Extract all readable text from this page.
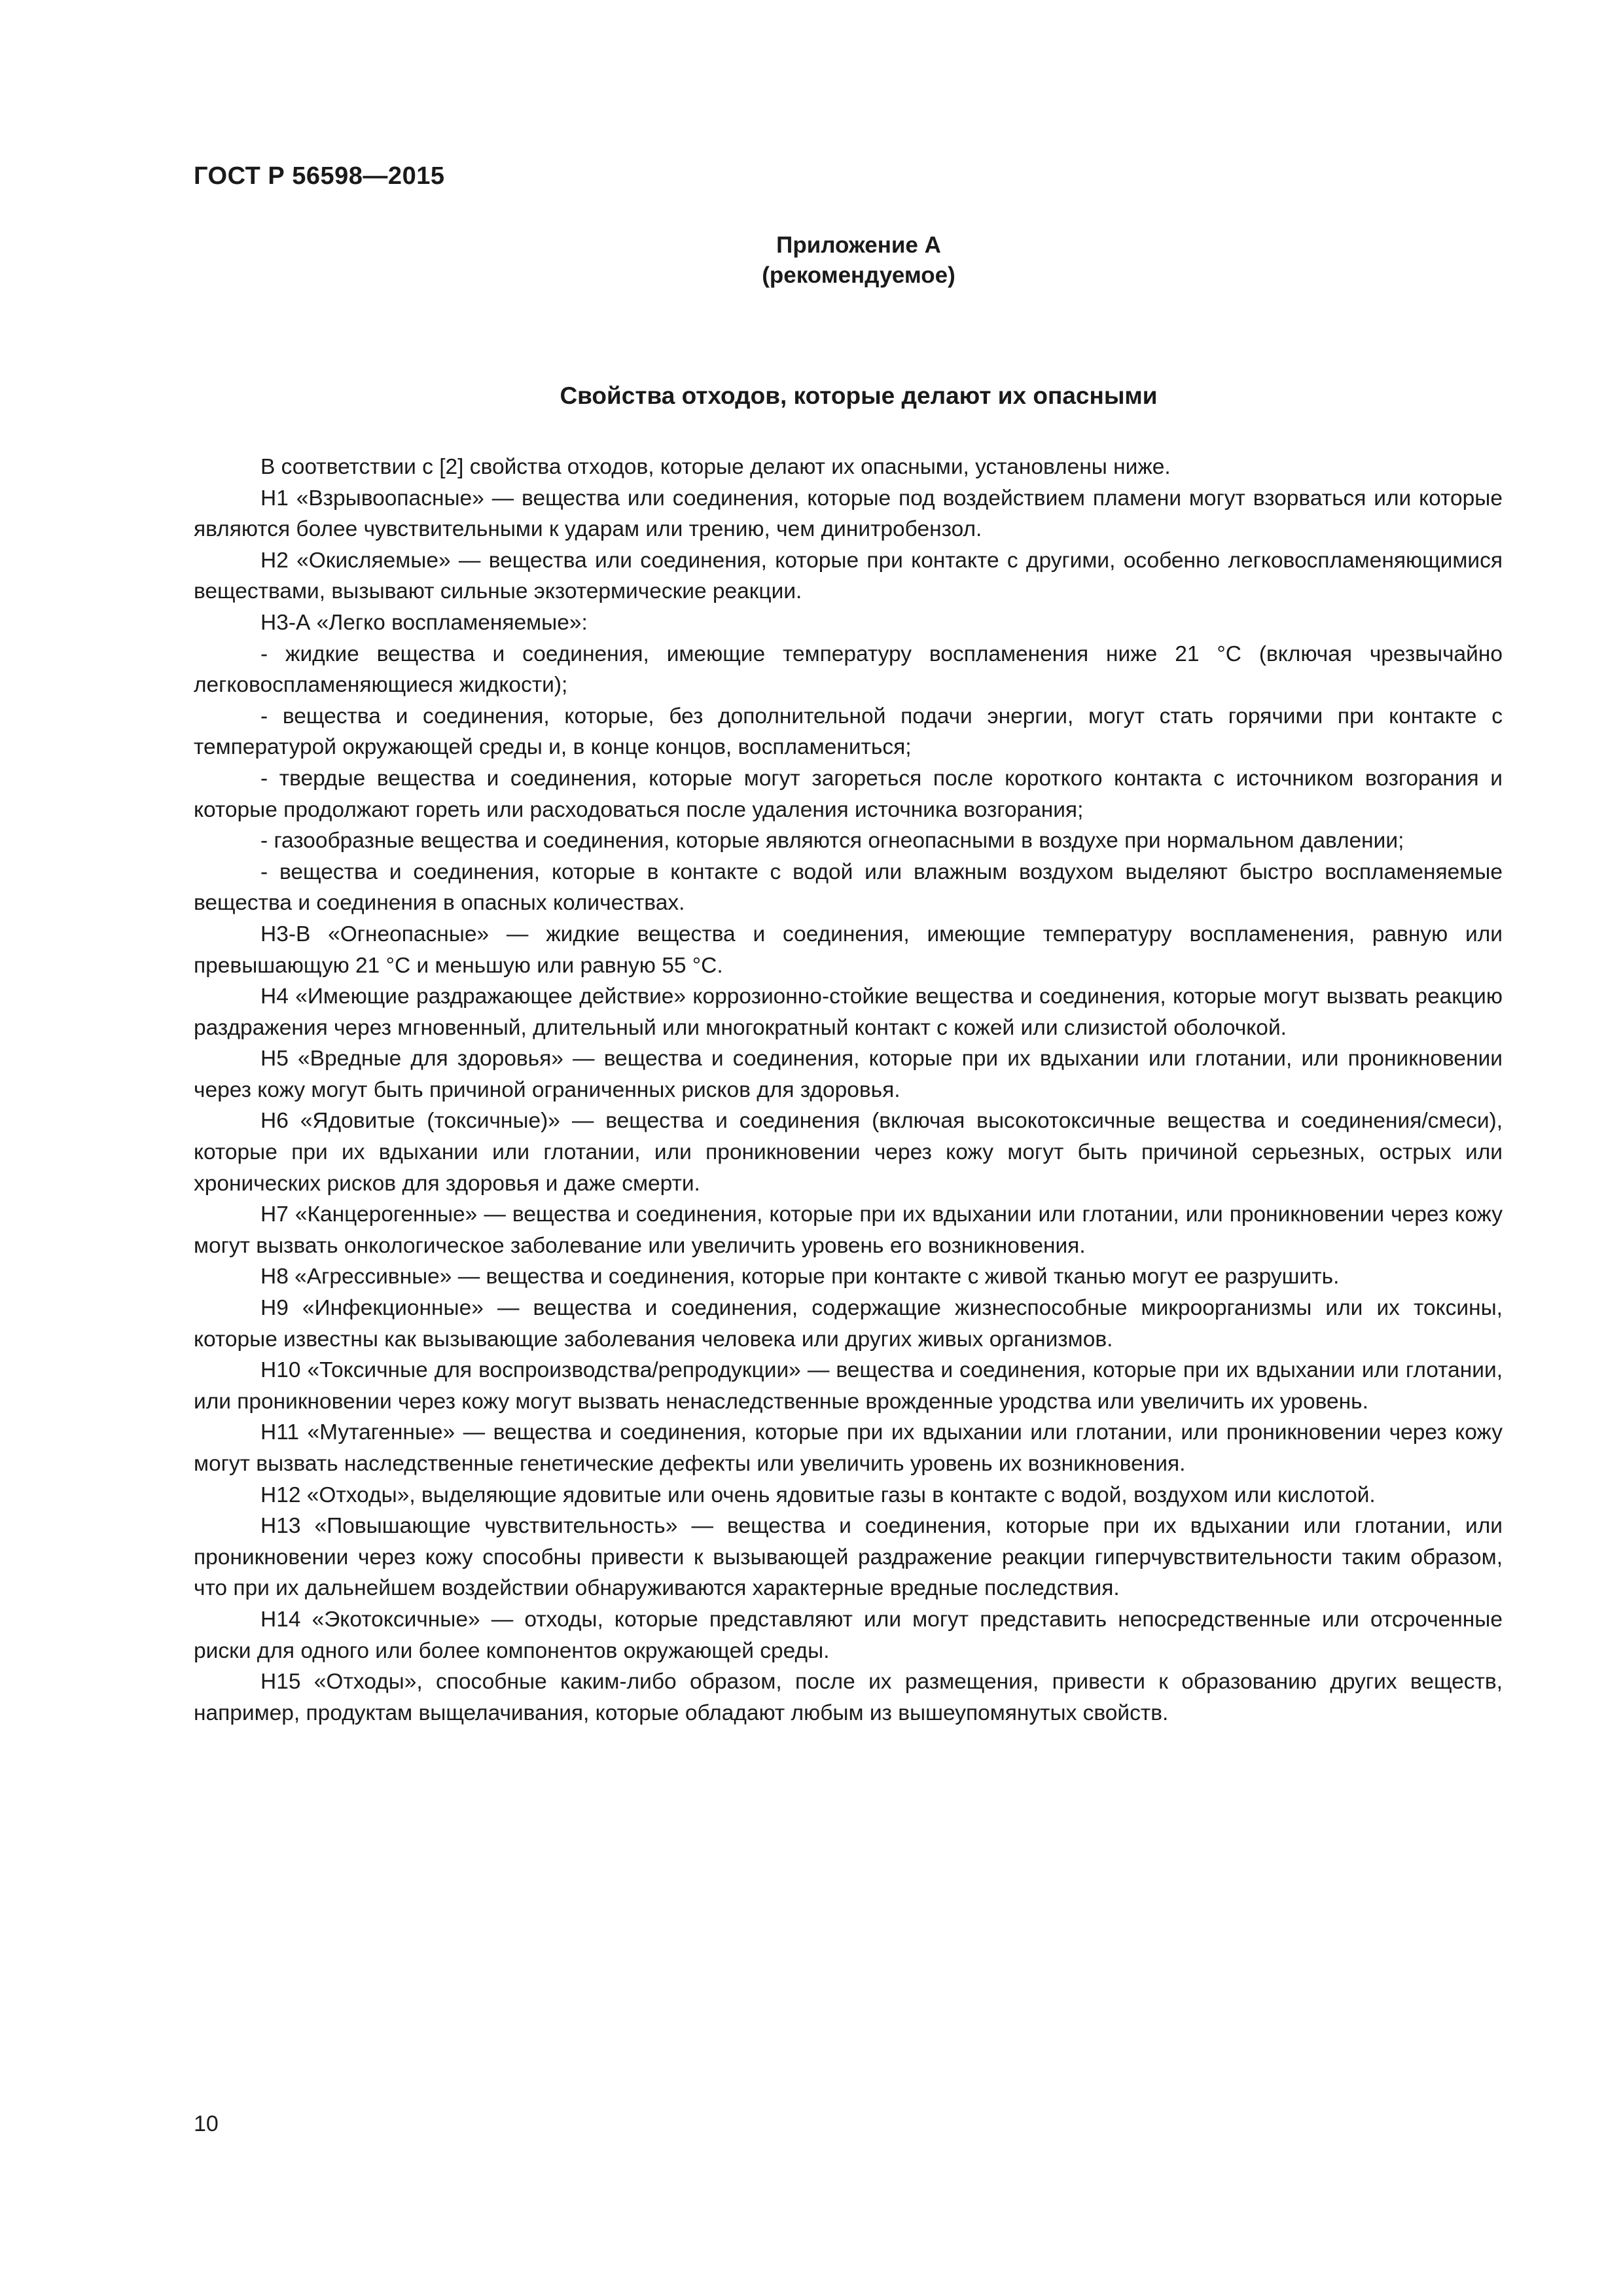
ГОСТ Р 56598—2015
Приложение А
(рекомендуемое)
Свойства отходов, которые делают их опасными

В соответствии с [2] свойства отходов, которые делают их опасными, установлены ниже.

Н1 «Взрывоопасные» — вещества или соединения, которые под воздействием пламени могут взорваться или которые являются более чувствительными к ударам или трению, чем динитробензол.

Н2 «Окисляемые» — вещества или соединения, которые при контакте с другими, особенно легковоспламеняющимися веществами, вызывают сильные экзотермические реакции.

Н3-А «Легко воспламеняемые»:

- жидкие вещества и соединения, имеющие температуру воспламенения ниже 21 °С (включая чрезвычайно легковоспламеняющиеся жидкости);

- вещества и соединения, которые, без дополнительной подачи энергии, могут стать горячими при контакте с температурой окружающей среды и, в конце концов, воспламениться;

- твердые вещества и соединения, которые могут загореться после короткого контакта с источником возгорания и которые продолжают гореть или расходоваться после удаления источника возгорания;

- газообразные вещества и соединения, которые являются огнеопасными в воздухе при нормальном давлении;

- вещества и соединения, которые в контакте с водой или влажным воздухом выделяют быстро воспламеняемые вещества и соединения в опасных количествах.

Н3-В «Огнеопасные» — жидкие вещества и соединения, имеющие температуру воспламенения, равную или превышающую 21 °С и меньшую или равную 55 °С.

Н4 «Имеющие раздражающее действие» коррозионно-стойкие вещества и соединения, которые могут вызвать реакцию раздражения через мгновенный, длительный или многократный контакт с кожей или слизистой оболочкой.

Н5 «Вредные для здоровья» — вещества и соединения, которые при их вдыхании или глотании, или проникновении через кожу могут быть причиной ограниченных рисков для здоровья.

Н6 «Ядовитые (токсичные)» — вещества и соединения (включая высокотоксичные вещества и соединения/смеси), которые при их вдыхании или глотании, или проникновении через кожу могут быть причиной серьезных, острых или хронических рисков для здоровья и даже смерти.

Н7 «Канцерогенные» — вещества и соединения, которые при их вдыхании или глотании, или проникновении через кожу могут вызвать онкологическое заболевание или увеличить уровень его возникновения.

Н8 «Агрессивные» — вещества и соединения, которые при контакте с живой тканью могут ее разрушить.

Н9 «Инфекционные» — вещества и соединения, содержащие жизнеспособные микроорганизмы или их токсины, которые известны как вызывающие заболевания человека или других живых организмов.

Н10 «Токсичные для воспроизводства/репродукции» — вещества и соединения, которые при их вдыхании или глотании, или проникновении через кожу могут вызвать ненаследственные врожденные уродства или увеличить их уровень.

Н11 «Мутагенные» — вещества и соединения, которые при их вдыхании или глотании, или проникновении через кожу могут вызвать наследственные генетические дефекты или увеличить уровень их возникновения.

Н12 «Отходы», выделяющие ядовитые или очень ядовитые газы в контакте с водой, воздухом или кислотой.

Н13 «Повышающие чувствительность» — вещества и соединения, которые при их вдыхании или глотании, или проникновении через кожу способны привести к вызывающей раздражение реакции гиперчувствительности таким образом, что при их дальнейшем воздействии обнаруживаются характерные вредные последствия.

Н14 «Экотоксичные» — отходы, которые представляют или могут представить непосредственные или отсроченные риски для одного или более компонентов окружающей среды.

Н15 «Отходы», способные каким-либо образом, после их размещения, привести к образованию других веществ, например, продуктам выщелачивания, которые обладают любым из вышеупомянутых свойств.

10
